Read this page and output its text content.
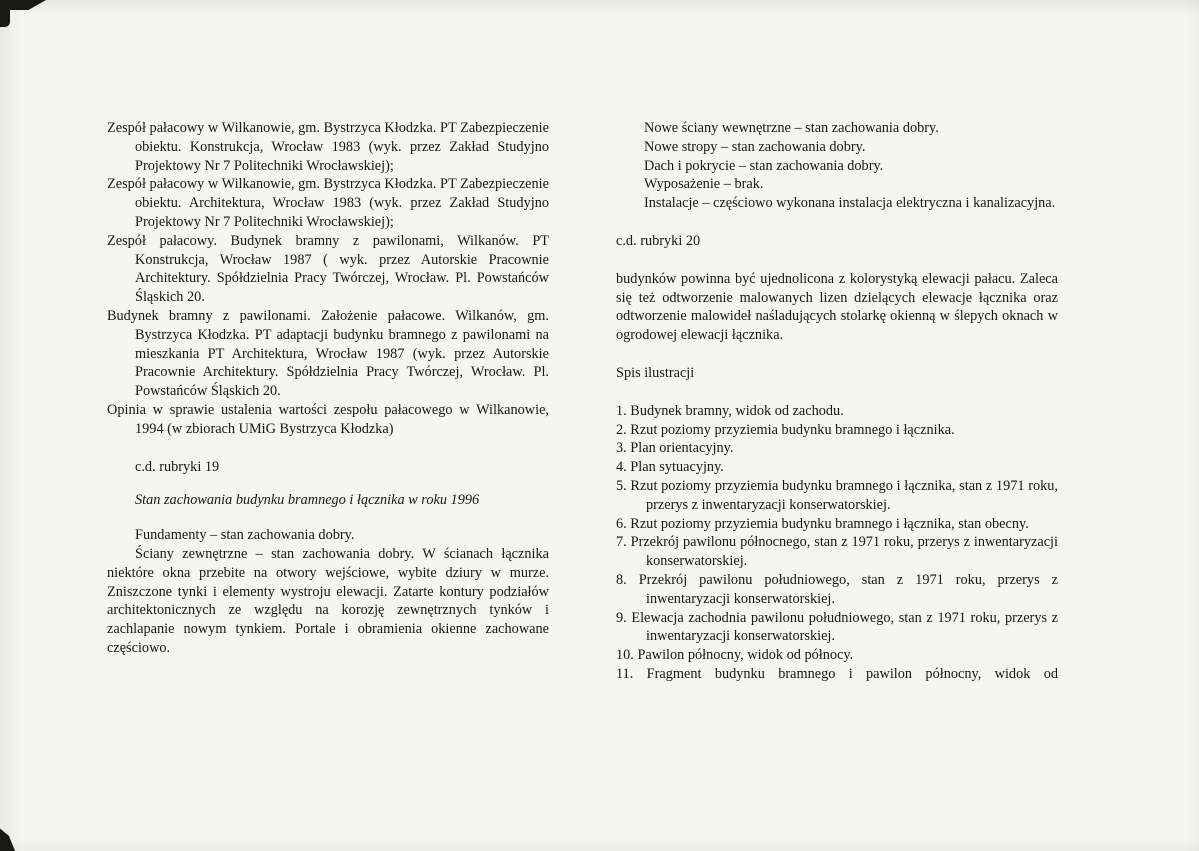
Zespół pałacowy w Wilkanowie, gm. Bystrzyca Kłodzka. PT Zabezpieczenie obiektu. Konstrukcja, Wrocław 1983 (wyk. przez Zakład Studyjno Projektowy Nr 7 Politechniki Wrocławskiej);

Zespół pałacowy w Wilkanowie, gm. Bystrzyca Kłodzka. PT Zabezpieczenie obiektu. Architektura, Wrocław 1983 (wyk. przez Zakład Studyjno Projektowy Nr 7 Politechniki Wrocławskiej);

Zespół pałacowy. Budynek bramny z pawilonami, Wilkanów. PT Konstrukcja, Wrocław 1987 ( wyk. przez Autorskie Pracownie Architektury. Spółdzielnia Pracy Twórczej, Wrocław. Pl. Powstańców Śląskich 20.

Budynek bramny z pawilonami. Założenie pałacowe. Wilkanów, gm. Bystrzyca Kłodzka. PT adaptacji budynku bramnego z pawilonami na mieszkania PT Architektura, Wrocław 1987 (wyk. przez Autorskie Pracownie Architektury. Spółdzielnia Pracy Twórczej, Wrocław. Pl. Powstańców Śląskich 20.

Opinia w sprawie ustalenia wartości zespołu pałacowego w Wilkanowie, 1994 (w zbiorach UMiG Bystrzyca Kłodzka)

c.d. rubryki 19

Stan zachowania budynku bramnego i łącznika w roku 1996

Fundamenty – stan zachowania dobry.

Ściany zewnętrzne – stan zachowania dobry. W ścianach łącznika niektóre okna przebite na otwory wejściowe, wybite dziury w murze. Zniszczone tynki i elementy wystroju elewacji. Zatarte kontury podziałów architektonicznych ze względu na korozję zewnętrznych tynków i zachlapanie nowym tynkiem. Portale i obramienia okienne zachowane częściowo.

Nowe ściany wewnętrzne – stan zachowania dobry.

Nowe stropy – stan zachowania dobry.

Dach i pokrycie – stan zachowania dobry.

Wyposażenie – brak.

Instalacje – częściowo wykonana instalacja elektryczna i kanalizacyjna.

c.d. rubryki 20

budynków powinna być ujednolicona z kolorystyką elewacji pałacu. Zaleca się też odtworzenie malowanych lizen dzielących elewacje łącznika oraz odtworzenie malowideł naśladujących stolarkę okienną w ślepych oknach w ogrodowej elewacji łącznika.

Spis ilustracji

1. Budynek bramny, widok od zachodu.

2. Rzut poziomy przyziemia budynku bramnego i łącznika.

3. Plan orientacyjny.

4. Plan sytuacyjny.

5. Rzut poziomy przyziemia budynku bramnego i łącznika, stan z 1971 roku, przerys z inwentaryzacji konserwatorskiej.

6. Rzut poziomy przyziemia budynku bramnego i łącznika, stan obecny.

7. Przekrój pawilonu północnego, stan z 1971 roku, przerys z inwentaryzacji konserwatorskiej.

8. Przekrój pawilonu południowego, stan z 1971 roku, przerys z inwentaryzacji konserwatorskiej.

9. Elewacja zachodnia pawilonu południowego, stan z 1971 roku, przerys z inwentaryzacji konserwatorskiej.

10. Pawilon północny, widok od północy.

11. Fragment budynku bramnego i pawilon północny, widok od
